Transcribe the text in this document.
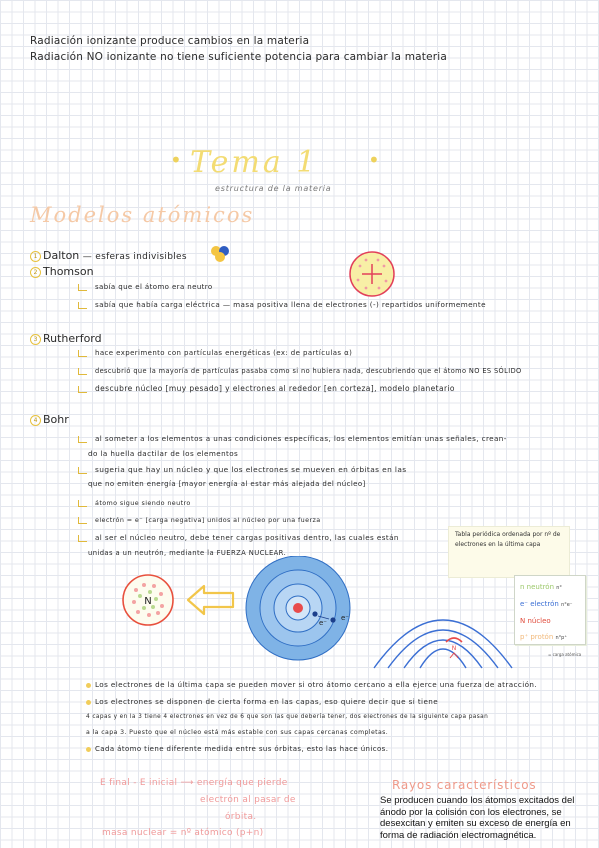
Radiación ionizante produce cambios en la materia
Radiación NO ionizante no tiene suficiente potencia para cambiar la materia
• Tema 1 •
estructura de la materia
Modelos atómicos
1 Dalton — esferas indivisibles
2 Thomson
sabía que el átomo era neutro
sabía que había carga eléctrica — masa positiva llena de electrones (-) repartidos uniformemente
3 Rutherford
hace experimento con partículas energéticas (ex: de partículas α)
descubrió que la mayoría de partículas pasaba como si no hubiera nada, descubriendo que el átomo NO ES SÓLIDO
descubre núcleo [muy pesado] y electrones al rededor [en corteza], modelo planetario
4 Bohr
al someter a los elementos a unas condiciones específicas, los elementos emitían unas señales, crean-
do la huella dactilar de los elementos
sugeria que hay un núcleo y que los electrones se mueven en órbitas en las
que no emiten energía [mayor energía al estar más alejada del núcleo]
átomo sigue siendo neutro
electrón = e⁻ [carga negativa] unidos al núcleo por una fuerza
al ser el núcleo neutro, debe tener cargas positivas dentro, las cuales están
unidas a un neutrón, mediante la FUERZA NUCLEAR.
Tabla periódica ordenada por nº de electrones en la última capa
N
e⁻
e⁻
N
n neutrón n°
e⁻ electrón n°e⁻
N núcleo
p⁺ protón n°p⁺
= carga atómica
Los electrones de la última capa se pueden mover si otro átomo cercano a ella ejerce una fuerza de atracción.
Los electrones se disponen de cierta forma en las capas, eso quiere decir que si tiene
4 capas y en la 3 tiene 4 electrones en vez de 6 que son las que debería tener, dos electrones de la siguiente capa pasan
a la capa 3. Puesto que el núcleo está más estable con sus capas cercanas completas.
Cada átomo tiene diferente medida entre sus órbitas, esto las hace únicos.
E final - E inicial ⟶ energía que pierde
electrón al pasar de
órbita.
masa nuclear = nº atómico (p+n)
Rayos característicos
Se producen cuando los átomos excitados del ánodo por la colisión con los electrones, se desexcitan y emiten su exceso de energía en forma de radiación electromagnética.
